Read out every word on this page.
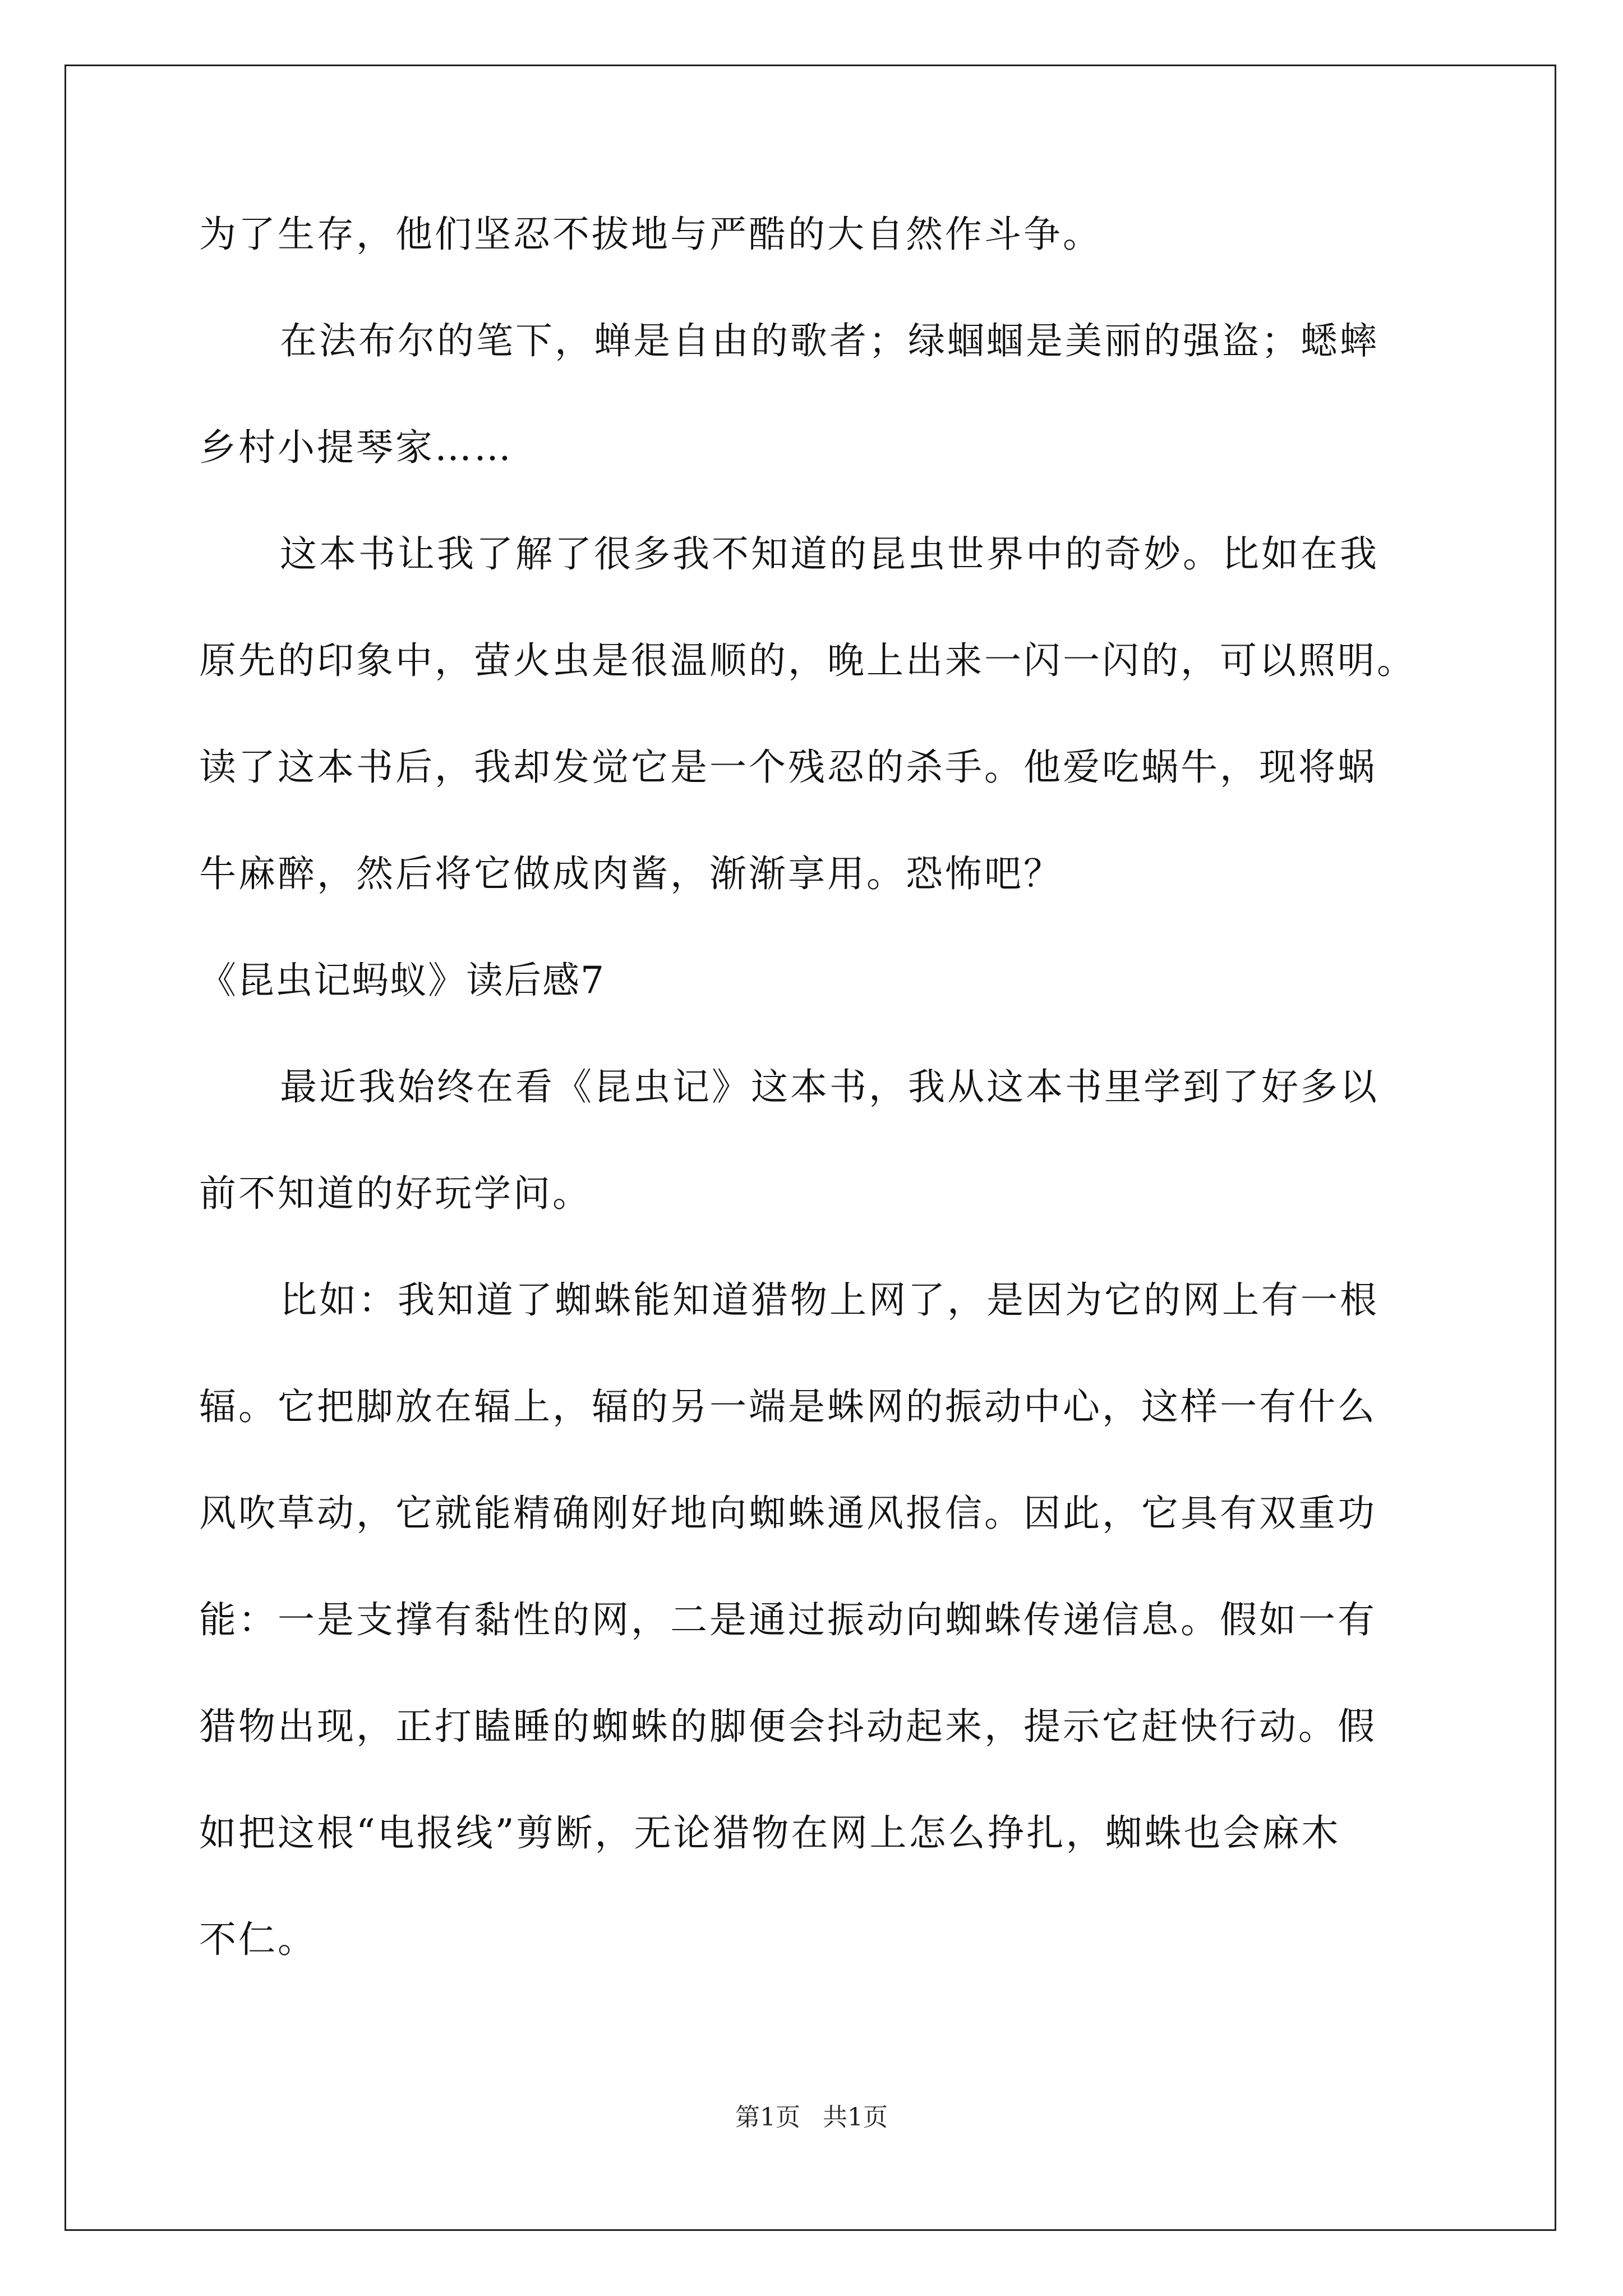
为了生存，他们坚忍不拔地与严酷的大自然作斗争。
在法布尔的笔下，蝉是自由的歌者；绿蝈蝈是美丽的强盗；蟋蟀
乡村小提琴家……
这本书让我了解了很多我不知道的昆虫世界中的奇妙。比如在我
原先的印象中，萤火虫是很温顺的，晚上出来一闪一闪的，可以照明。
读了这本书后，我却发觉它是一个残忍的杀手。他爱吃蜗牛，现将蜗
牛麻醉，然后将它做成肉酱，渐渐享用。恐怖吧？
《昆虫记蚂蚁》读后感7
最近我始终在看《昆虫记》这本书，我从这本书里学到了好多以
前不知道的好玩学问。
比如：我知道了蜘蛛能知道猎物上网了，是因为它的网上有一根
辐。它把脚放在辐上，辐的另一端是蛛网的振动中心，这样一有什么
风吹草动，它就能精确刚好地向蜘蛛通风报信。因此，它具有双重功
能：一是支撑有黏性的网，二是通过振动向蜘蛛传递信息。假如一有
猎物出现，正打瞌睡的蜘蛛的脚便会抖动起来，提示它赶快行动。假
如把这根“电报线”剪断，无论猎物在网上怎么挣扎，蜘蛛也会麻木
不仁。
第1页 共1页
